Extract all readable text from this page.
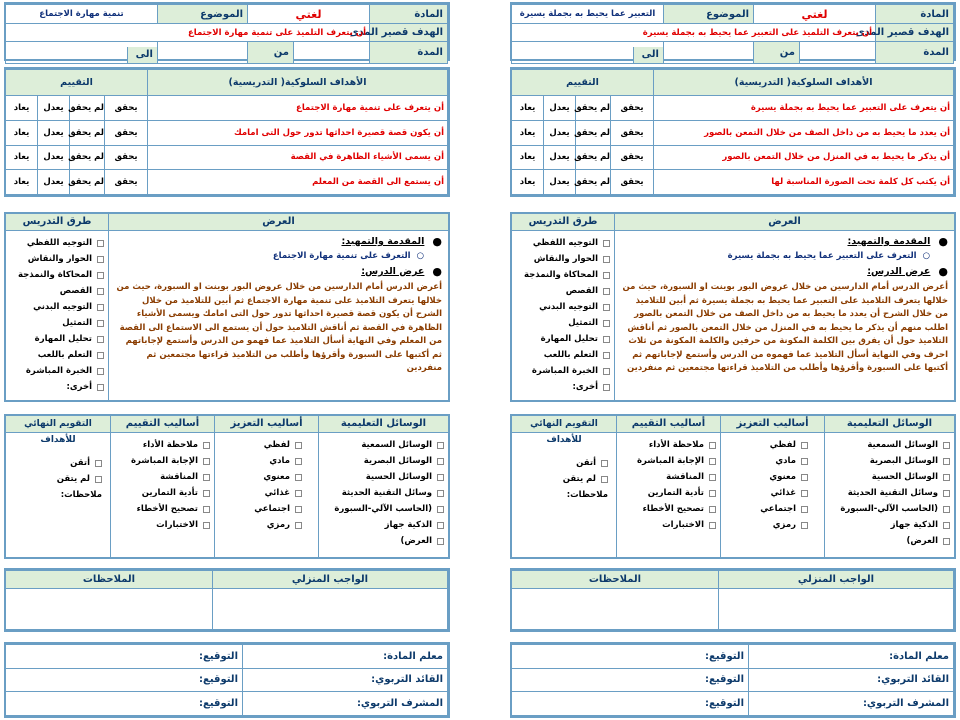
المادة	لغتي		الموضوع	تنمية مهارة الاجتماع
الهدف قصير المدى	أن يتعرف التلميذ على تنمية مهارة الاجتماع			
المدة		من		الى
الأهداف السلوكية( التدريسية)	التقييم			
أن يتعرف على تنمية مهارة الاجتماع	يحقق	لم يحقق	يعدل	يعاد
أن يكون قصة قصيرة احداثها تدور حول التى امامك	يحقق	لم يحقق	يعدل	يعاد
أن يسمى الأشياء الظاهرة في القصة	يحقق	لم يحقق	يعدل	يعاد
أن يستمع الى القصة من المعلم	يحقق	لم يحقق	يعدل	يعاد
العرض
●
المقدمة والتمهيد:
○التعرف على تنمية مهارة الاجتماع
●
عرض الدرس:
أعرض الدرس أمام الدارسين من خلال عروض البور بوينت او السبورة، حيث من خلالها يتعرف التلاميذ على تنمية مهارة الاجتماع ثم أبين للتلاميذ من خلال الشرح أن يكون قصة قصيرة احداثها تدور حول التى امامك ويسمى الأشياء الظاهرة في القصة ثم أناقش التلاميذ حول أن يستمع الى الاستماع الى القصة من المعلم وفي النهاية أسأل التلاميذ عما فهمو من الدرس وأستمع لإجاباتهم ثم أكتبها على السبورة وأقرؤها وأطلب من التلاميذ قراءتها مجتمعين ثم منفردين
طرق التدريس
التوجيه اللفظي
الحوار والنقاش
المحاكاة والنمذجة
القصص
التوجيه البدني
التمثيل
تحليل المهارة
التعلم باللعب
الخبرة المباشرة
أخرى:
الوسائل التعليمية
الوسائل السمعية
الوسائل البصرية
الوسائل الحسية
وسائل التقنية الحديثة
(الحاسب الآلي-السبورة
الذكية جهاز
العرض)
أساليب التعزيز
لفظي
مادي
معنوي
غذائي
اجتماعي
رمزي
أساليب التقييم
ملاحظة الأداء
الإجابة المباشرة
المناقشة
تأدية التمارين
تصحيح الأخطاء
الاختبارات
التقويم النهائي للأهداف
أتقن
لم يتقن
ملاحظات:
الواجب المنزلي	الملاحظات

معلم المادة:	التوقيع:
القائد التربوي:	التوقيع:
المشرف التربوي:	التوقيع:
المادة	لغتي		الموضوع	التعبير عما يحيط به بجملة يسيرة
الهدف قصير المدى	أن يتعرف التلميذ على التعبير عما يحيط به بجملة يسيرة			
المدة		من		الى
الأهداف السلوكية( التدريسية)	التقييم			
أن يتعرف على التعبير عما يحيط به بجملة يسيرة	يحقق	لم يحقق	يعدل	يعاد
أن يعدد ما يحيط به من داخل الصف من خلال التمعن بالصور	يحقق	لم يحقق	يعدل	يعاد
أن يذكر ما يحيط به في المنزل من خلال التمعن بالصور	يحقق	لم يحقق	يعدل	يعاد
أن يكتب كل كلمة تحت الصورة المناسبة لها	يحقق	لم يحقق	يعدل	يعاد
العرض
●
المقدمة والتمهيد:
○التعرف على التعبير عما يحيط به بجملة يسيرة
●
عرض الدرس:
أعرض الدرس أمام الدارسين من خلال عروض البور بوينت او السبورة، حيث من خلالها يتعرف التلاميذ على التعبير عما يحيط به بجملة يسيرة ثم أبين للتلاميذ من خلال الشرح أن يعدد ما يحيط به من داخل الصف من خلال التمعن بالصور اطلب منهم أن يذكر ما يحيط به في المنزل من خلال التمعن بالصور ثم أناقش التلاميذ حول أن يفرق بين الكلمة المكونة من حرفين والكلمة المكونة من ثلاث احرف وفي النهاية أسأل التلاميذ عما فهموه من الدرس وأستمع لإجاباتهم ثم أكتبها على السبورة وأقرؤها وأطلب من التلاميذ قراءتها مجتمعين ثم منفردين
طرق التدريس
التوجيه اللفظي
الحوار والنقاش
المحاكاة والنمذجة
القصص
التوجيه البدني
التمثيل
تحليل المهارة
التعلم باللعب
الخبرة المباشرة
أخرى:
الوسائل التعليمية
الوسائل السمعية
الوسائل البصرية
الوسائل الحسية
وسائل التقنية الحديثة
(الحاسب الآلي-السبورة
الذكية جهاز
العرض)
أساليب التعزيز
لفظي
مادي
معنوي
غذائي
اجتماعي
رمزي
أساليب التقييم
ملاحظة الأداء
الإجابة المباشرة
المناقشة
تأدية التمارين
تصحيح الأخطاء
الاختبارات
التقويم النهائي للأهداف
أتقن
لم يتقن
ملاحظات:
الواجب المنزلي	الملاحظات

معلم المادة:	التوقيع:
القائد التربوي:	التوقيع:
المشرف التربوي:	التوقيع:
